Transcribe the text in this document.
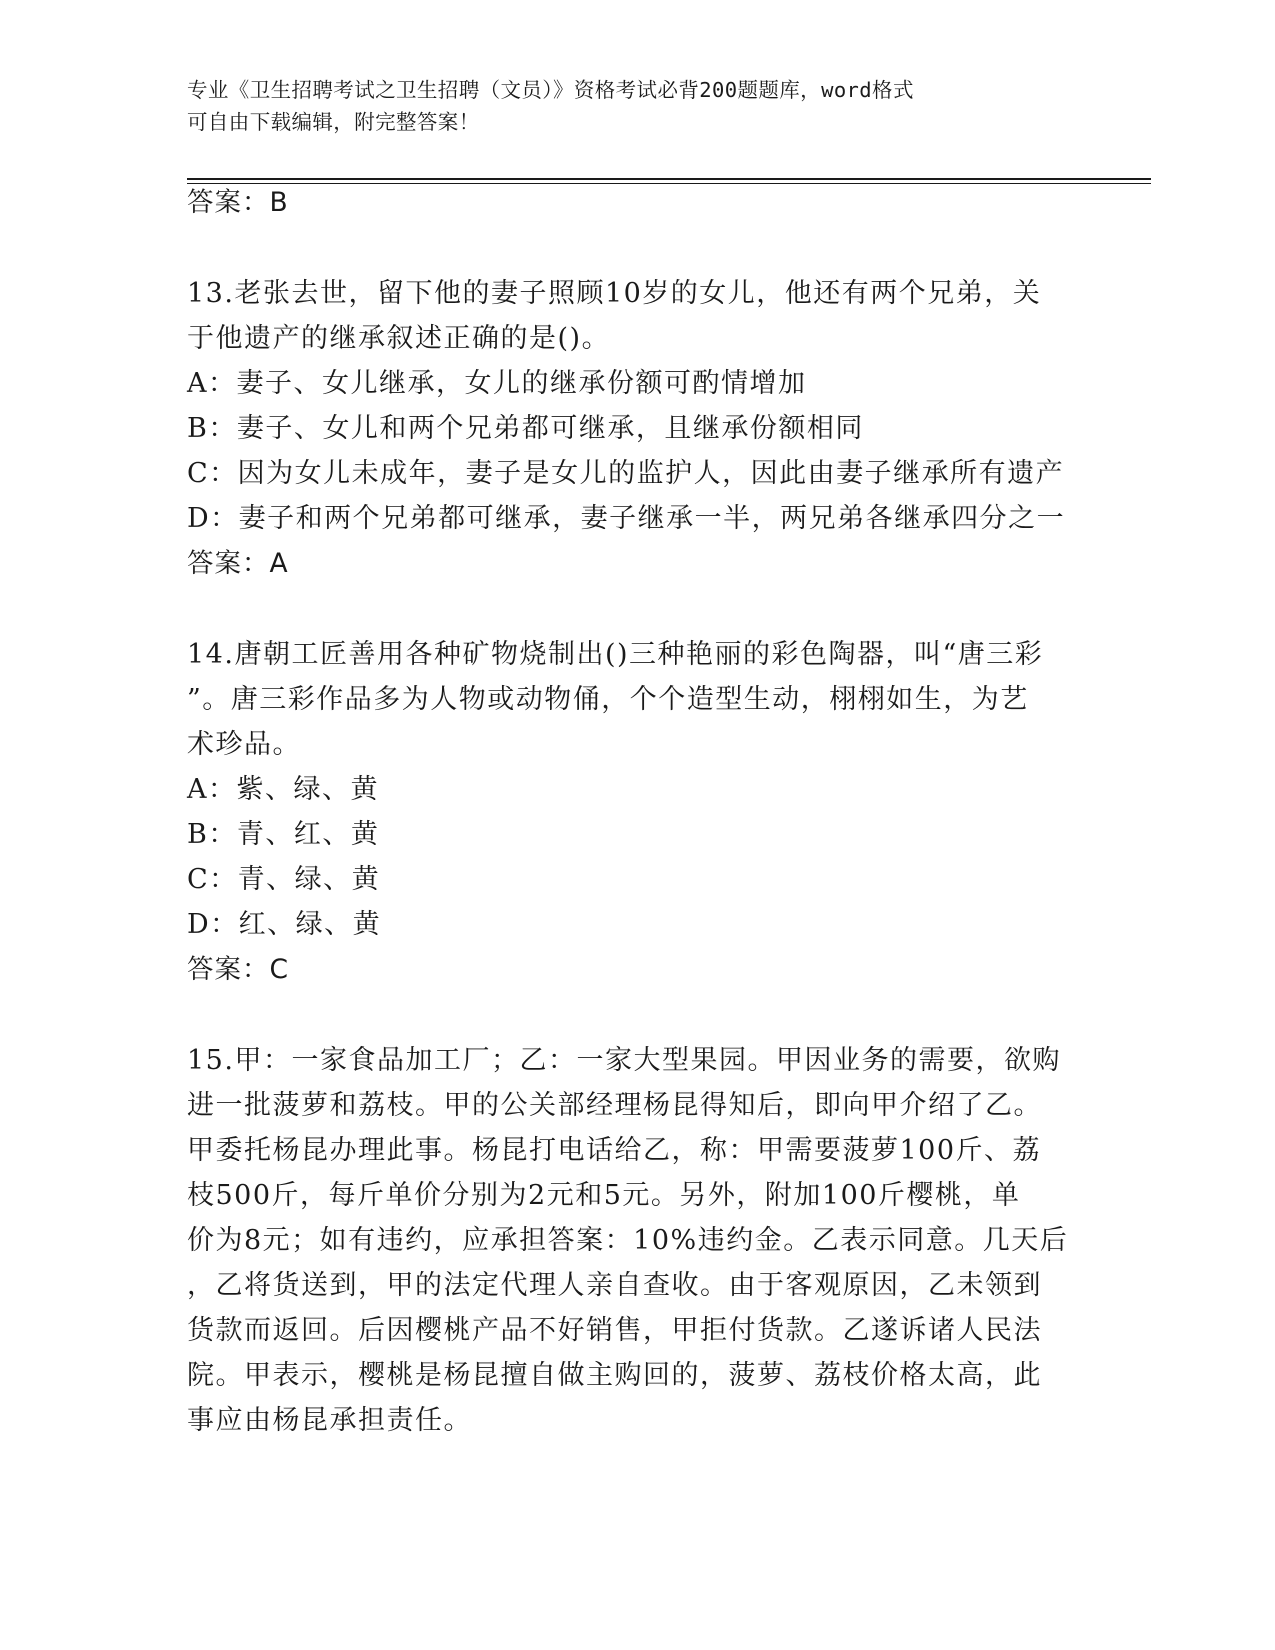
专业《卫生招聘考试之卫生招聘（文员）》资格考试必背200题题库，word格式
可自由下载编辑，附完整答案！

答案：B

13.老张去世，留下他的妻子照顾10岁的女儿，他还有两个兄弟，关

于他遗产的继承叙述正确的是()。

A：妻子、女儿继承，女儿的继承份额可酌情增加

B：妻子、女儿和两个兄弟都可继承，且继承份额相同

C：因为女儿未成年，妻子是女儿的监护人，因此由妻子继承所有遗产

D：妻子和两个兄弟都可继承，妻子继承一半，两兄弟各继承四分之一

答案：A

14.唐朝工匠善用各种矿物烧制出()三种艳丽的彩色陶器，叫“唐三彩

”。唐三彩作品多为人物或动物俑，个个造型生动，栩栩如生，为艺

术珍品。

A：紫、绿、黄

B：青、红、黄

C：青、绿、黄

D：红、绿、黄

答案：C

15.甲：一家食品加工厂；乙：一家大型果园。甲因业务的需要，欲购

进一批菠萝和荔枝。甲的公关部经理杨昆得知后，即向甲介绍了乙。

甲委托杨昆办理此事。杨昆打电话给乙，称：甲需要菠萝100斤、荔

枝500斤，每斤单价分别为2元和5元。另外，附加100斤樱桃，单

价为8元；如有违约，应承担答案：10%违约金。乙表示同意。几天后

，乙将货送到，甲的法定代理人亲自查收。由于客观原因，乙未领到

货款而返回。后因樱桃产品不好销售，甲拒付货款。乙遂诉诸人民法

院。甲表示，樱桃是杨昆擅自做主购回的，菠萝、荔枝价格太高，此

事应由杨昆承担责任。
